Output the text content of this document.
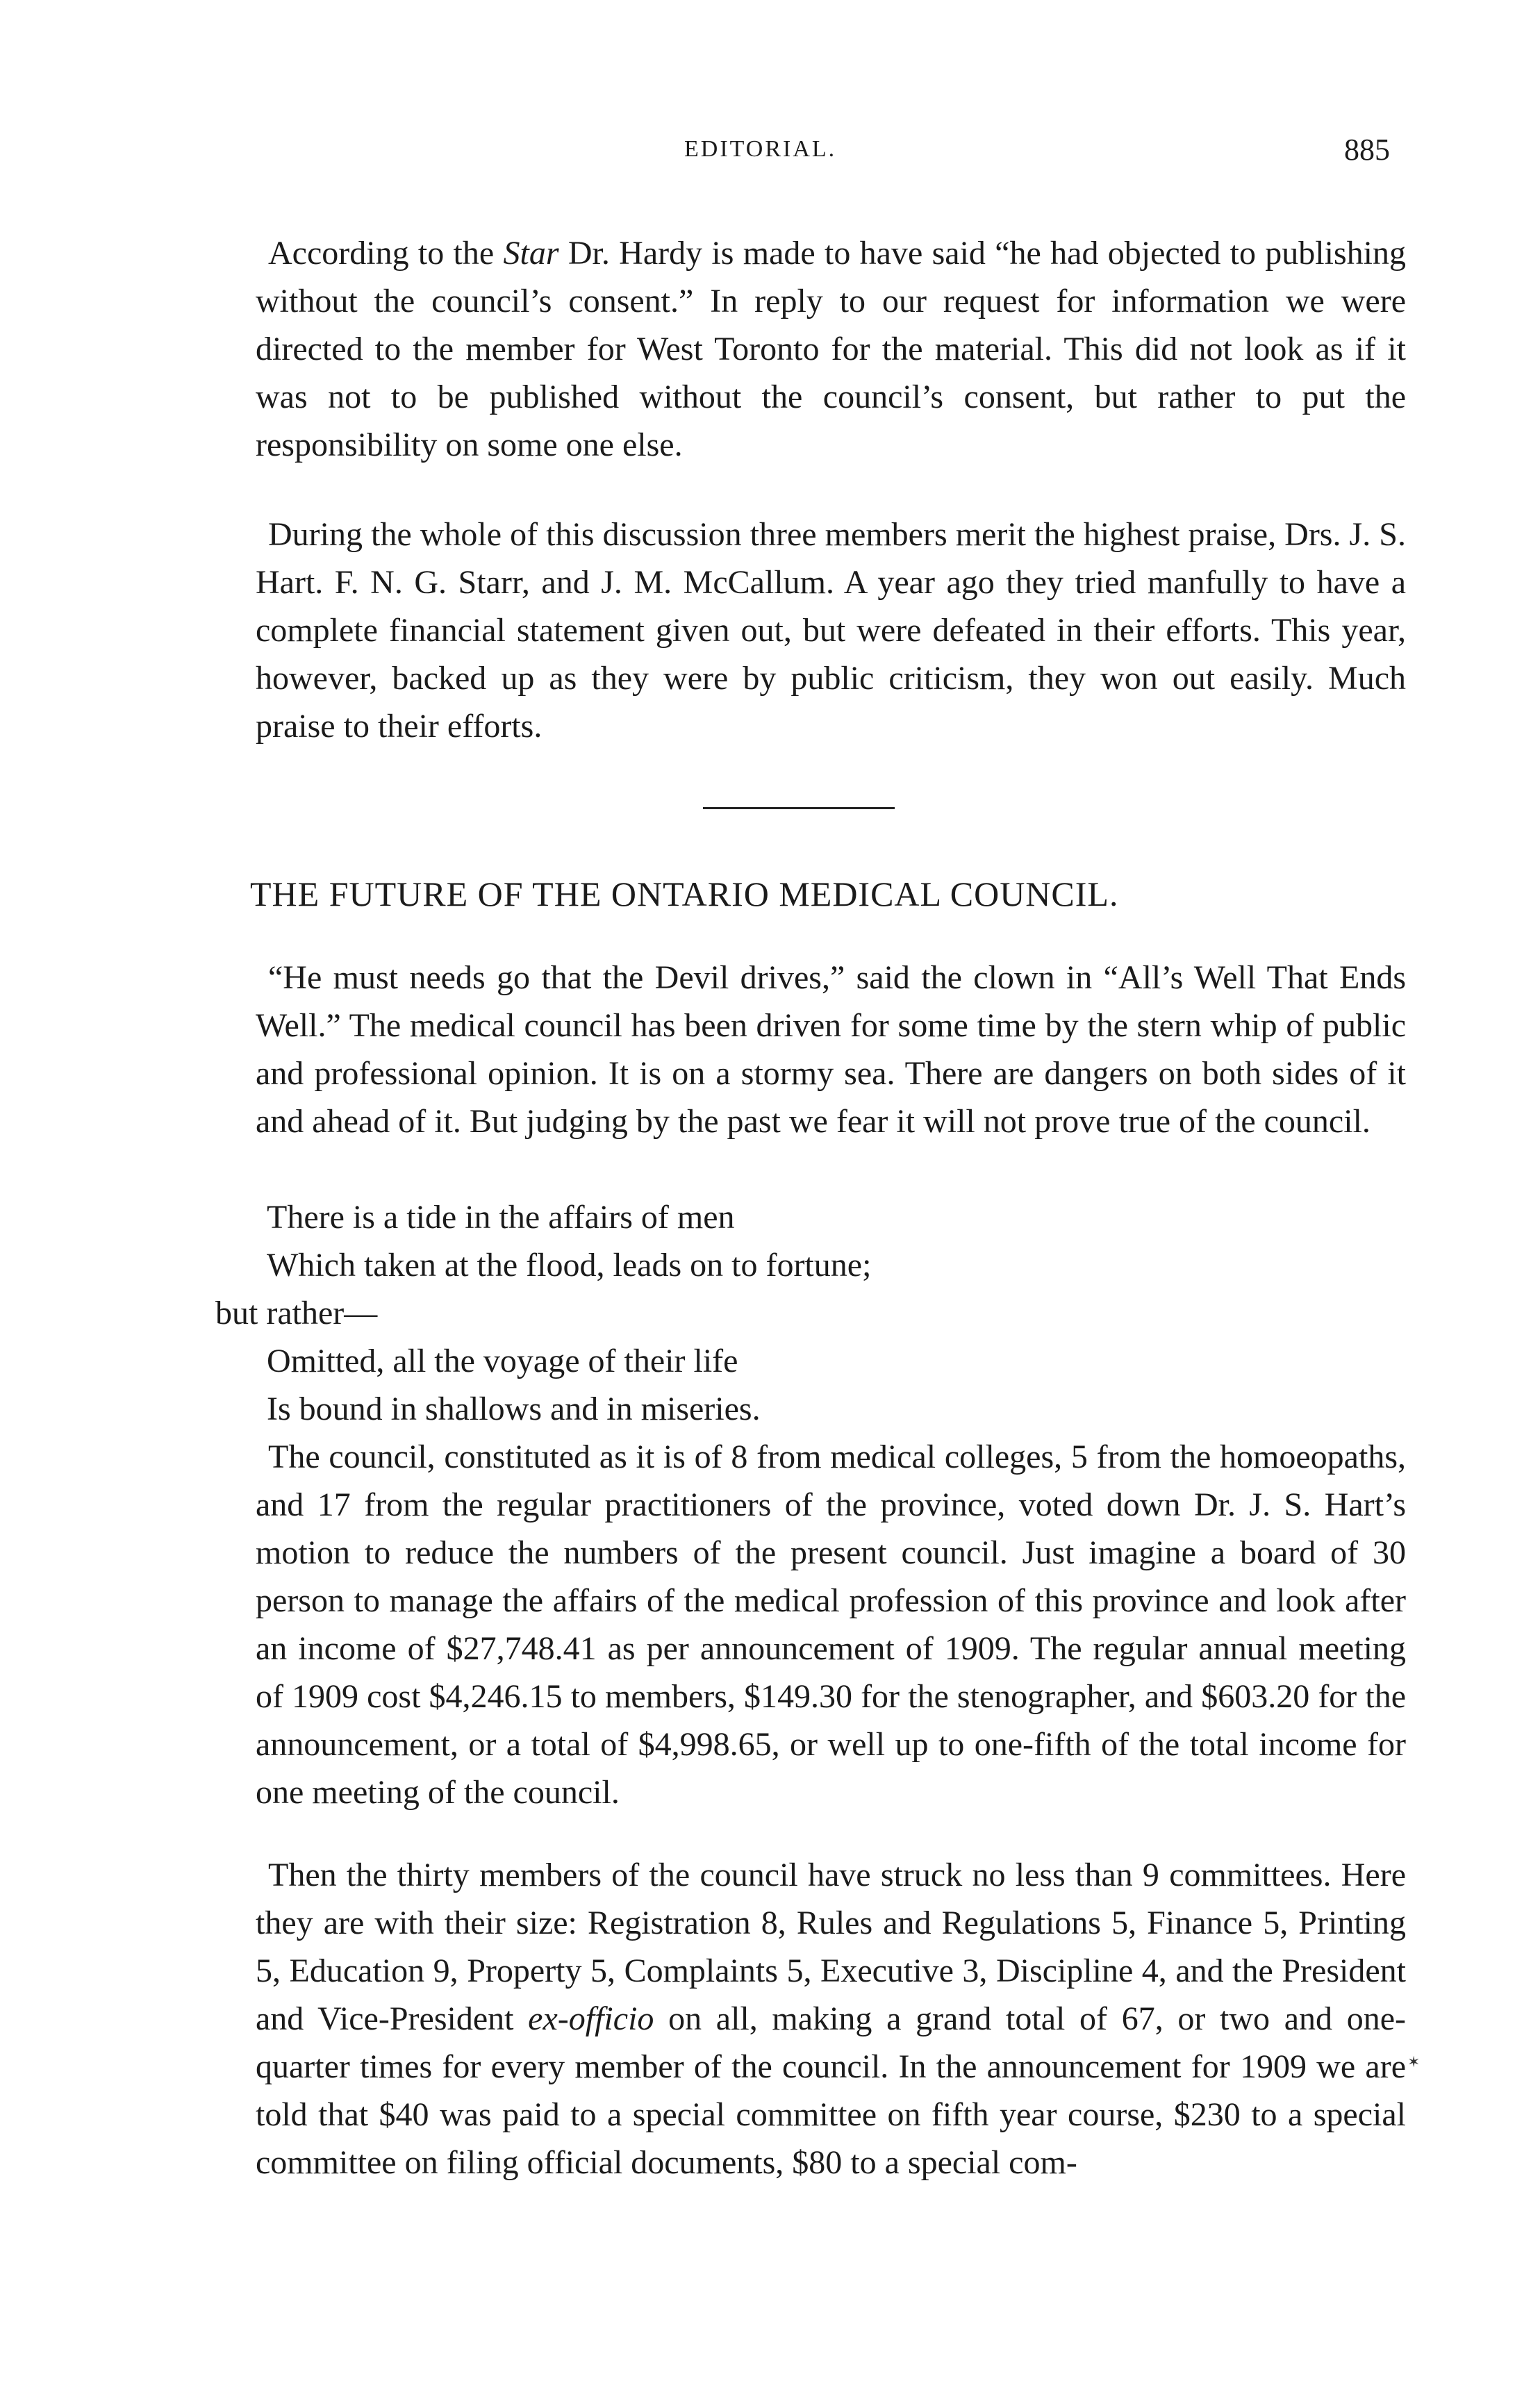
EDITORIAL.	885

According to the Star Dr. Hardy is made to have said “he had objected to publishing without the council’s consent.” In reply to our request for information we were directed to the member for West Toronto for the material. This did not look as if it was not to be published without the council’s consent, but rather to put the responsibility on some one else.

During the whole of this discussion three members merit the highest praise, Drs. J. S. Hart. F. N. G. Starr, and J. M. McCallum. A year ago they tried manfully to have a complete financial statement given out, but were defeated in their efforts. This year, however, backed up as they were by public criticism, they won out easily. Much praise to their efforts.

THE FUTURE OF THE ONTARIO MEDICAL COUNCIL.

“He must needs go that the Devil drives,” said the clown in “All’s Well That Ends Well.” The medical council has been driven for some time by the stern whip of public and professional opinion. It is on a stormy sea. There are dangers on both sides of it and ahead of it. But judging by the past we fear it will not prove true of the council.

There is a tide in the affairs of men
Which taken at the flood, leads on to fortune;
but rather—
Omitted, all the voyage of their life
Is bound in shallows and in miseries.

The council, constituted as it is of 8 from medical colleges, 5 from the homoeopaths, and 17 from the regular practitioners of the province, voted down Dr. J. S. Hart’s motion to reduce the numbers of the present council. Just imagine a board of 30 person to manage the affairs of the medical profession of this province and look after an income of $27,748.41 as per announcement of 1909. The regular annual meeting of 1909 cost $4,246.15 to members, $149.30 for the stenographer, and $603.20 for the announcement, or a total of $4,998.65, or well up to one-fifth of the total income for one meeting of the council.

Then the thirty members of the council have struck no less than 9 committees. Here they are with their size: Registration 8, Rules and Regulations 5, Finance 5, Printing 5, Education 9, Property 5, Complaints 5, Executive 3, Discipline 4, and the President and Vice-President ex-officio on all, making a grand total of 67, or two and one-quarter times for every member of the council. In the announcement for 1909 we are told that $40 was paid to a special committee on fifth year course, $230 to a special committee on filing official documents, $80 to a special com-

✶
